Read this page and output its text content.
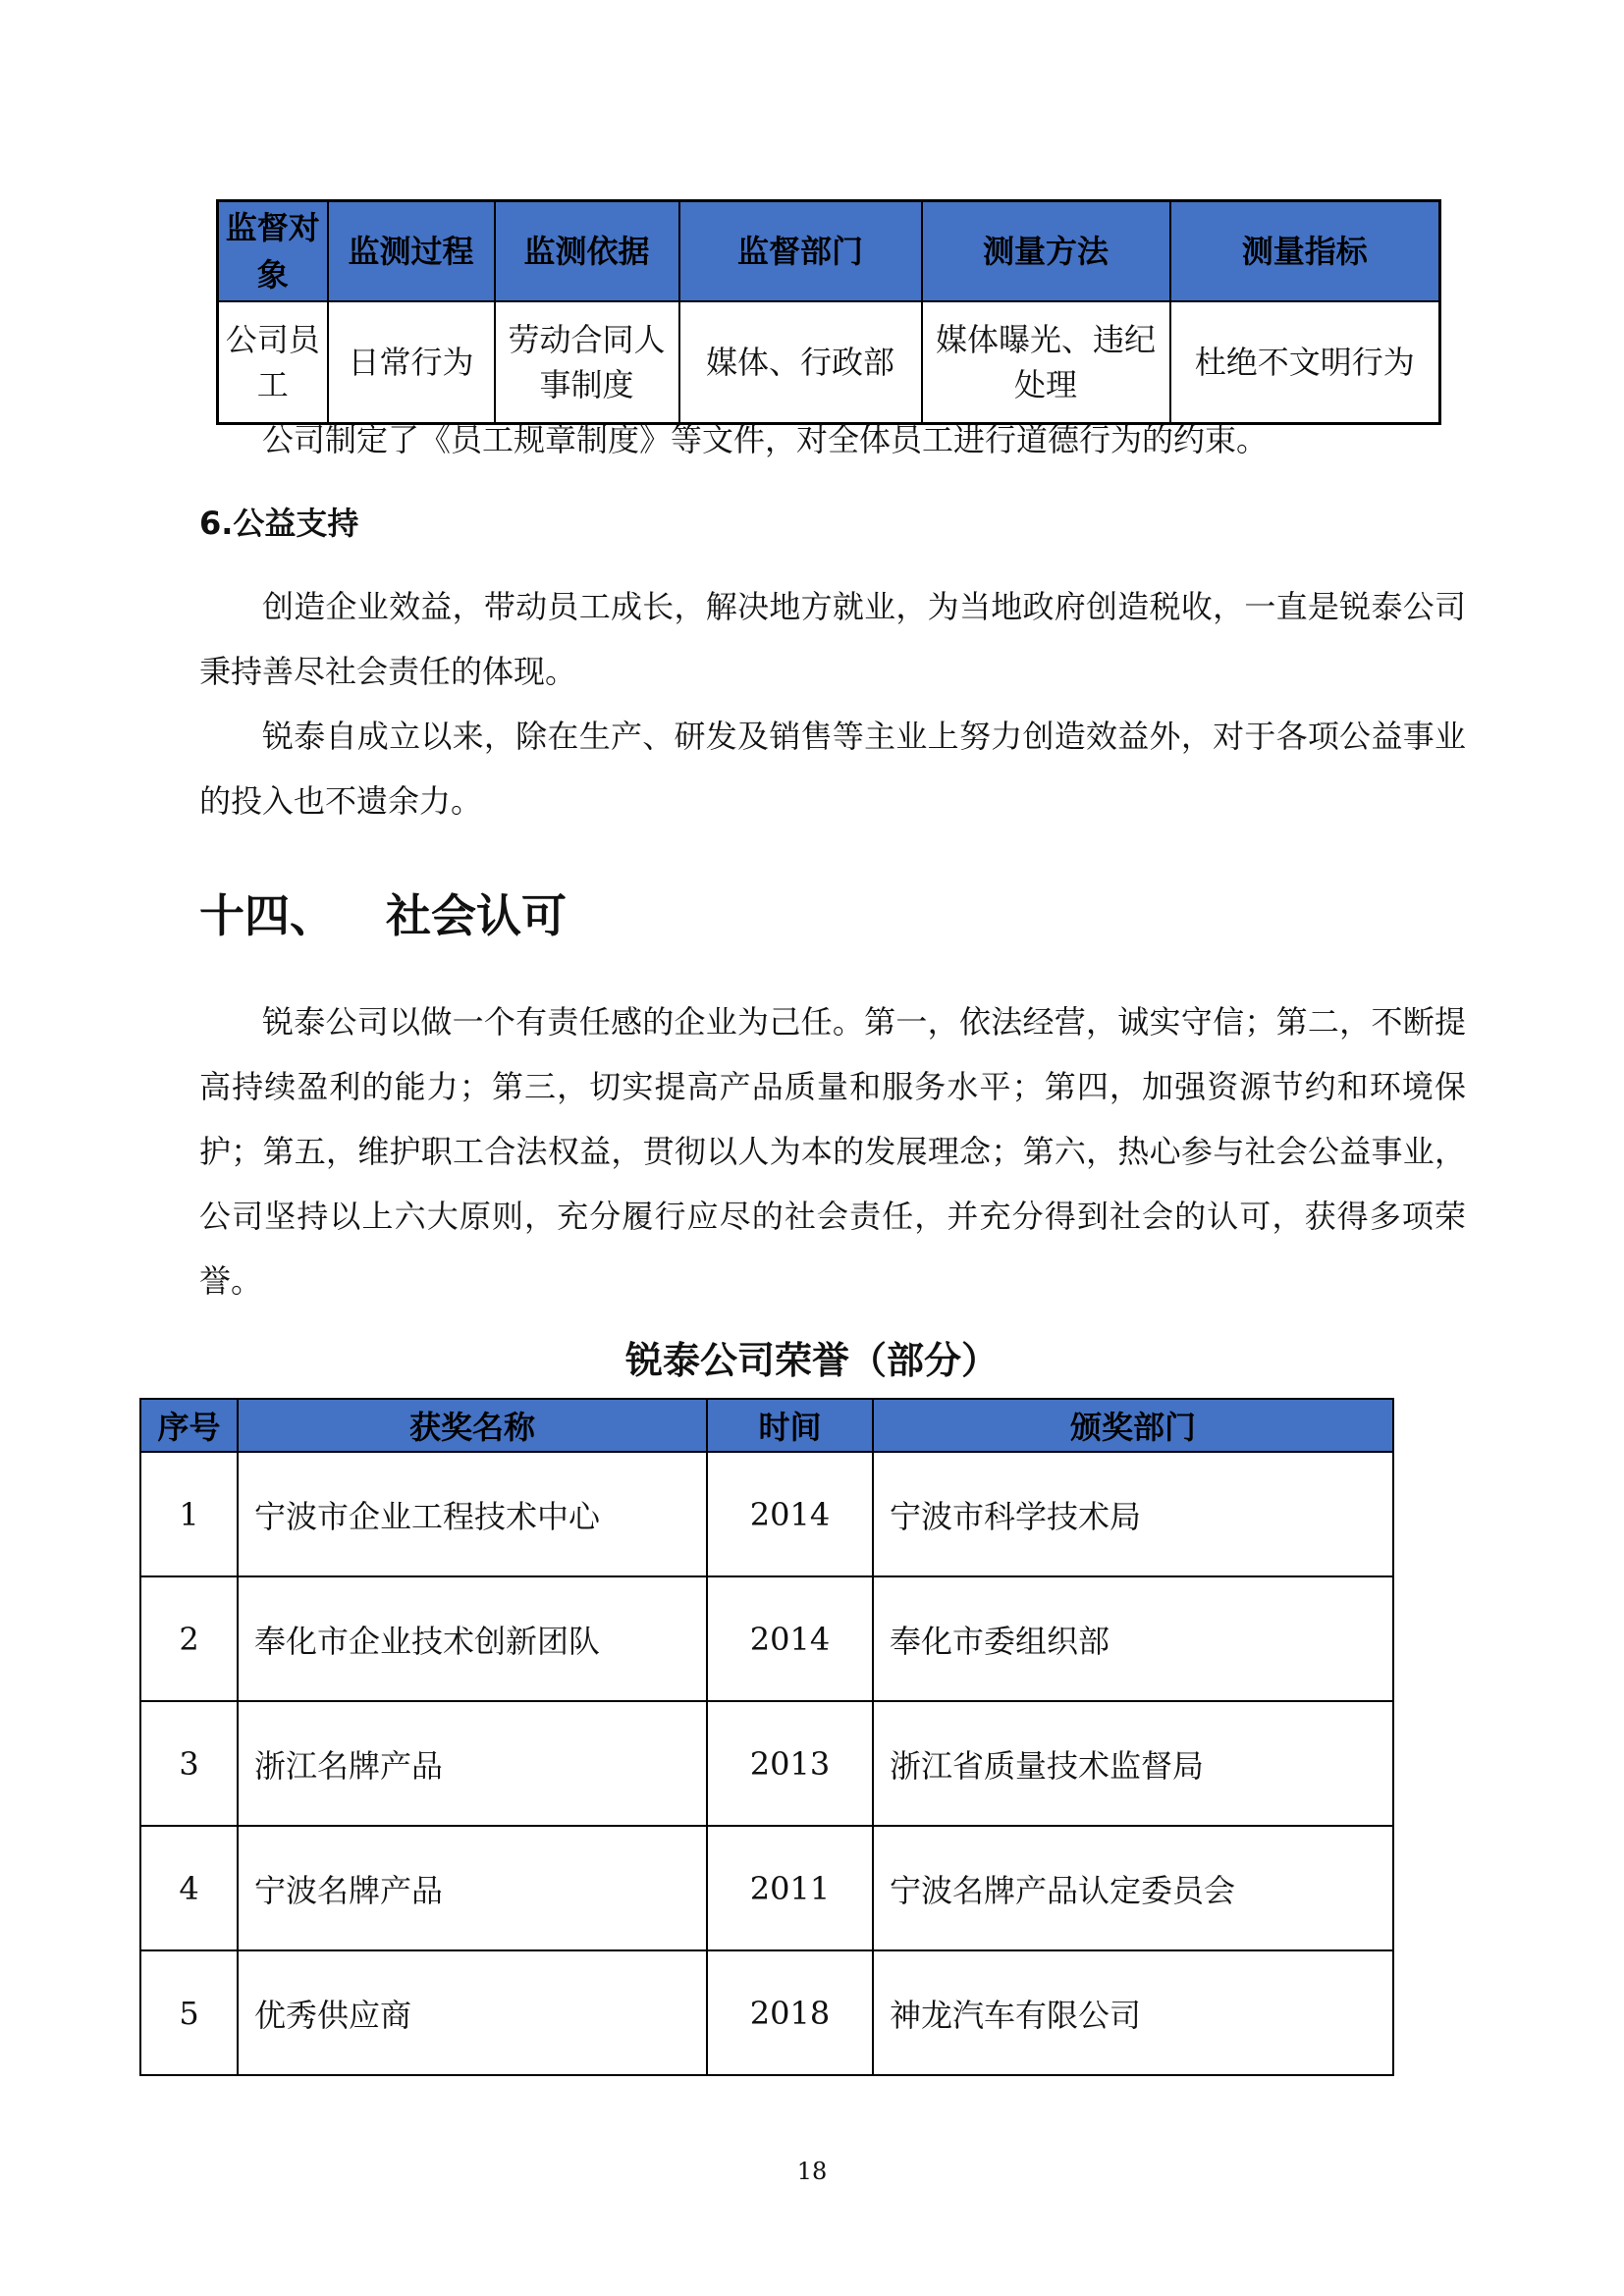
监督对象	监测过程	监测依据	监督部门	测量方法	测量指标
公司员工	日常行为	劳动合同人事制度	媒体、行政部	媒体曝光、违纪处理	杜绝不文明行为

公司制定了《员工规章制度》等文件，对全体员工进行道德行为的约束。

6.公益支持

创造企业效益，带动员工成长，解决地方就业，为当地政府创造税收，一直是锐泰公司秉持善尽社会责任的体现。

锐泰自成立以来，除在生产、研发及销售等主业上努力创造效益外，对于各项公益事业的投入也不遗余力。

十四、 社会认可

锐泰公司以做一个有责任感的企业为己任。第一，依法经营，诚实守信；第二，不断提高持续盈利的能力；第三，切实提高产品质量和服务水平；第四，加强资源节约和环境保护；第五，维护职工合法权益，贯彻以人为本的发展理念；第六，热心参与社会公益事业，公司坚持以上六大原则，充分履行应尽的社会责任，并充分得到社会的认可，获得多项荣誉。

锐泰公司荣誉（部分）
序号	获奖名称	时间	颁奖部门
1	宁波市企业工程技术中心	2014	宁波市科学技术局
2	奉化市企业技术创新团队	2014	奉化市委组织部
3	浙江名牌产品	2013	浙江省质量技术监督局
4	宁波名牌产品	2011	宁波名牌产品认定委员会
5	优秀供应商	2018	神龙汽车有限公司
18
